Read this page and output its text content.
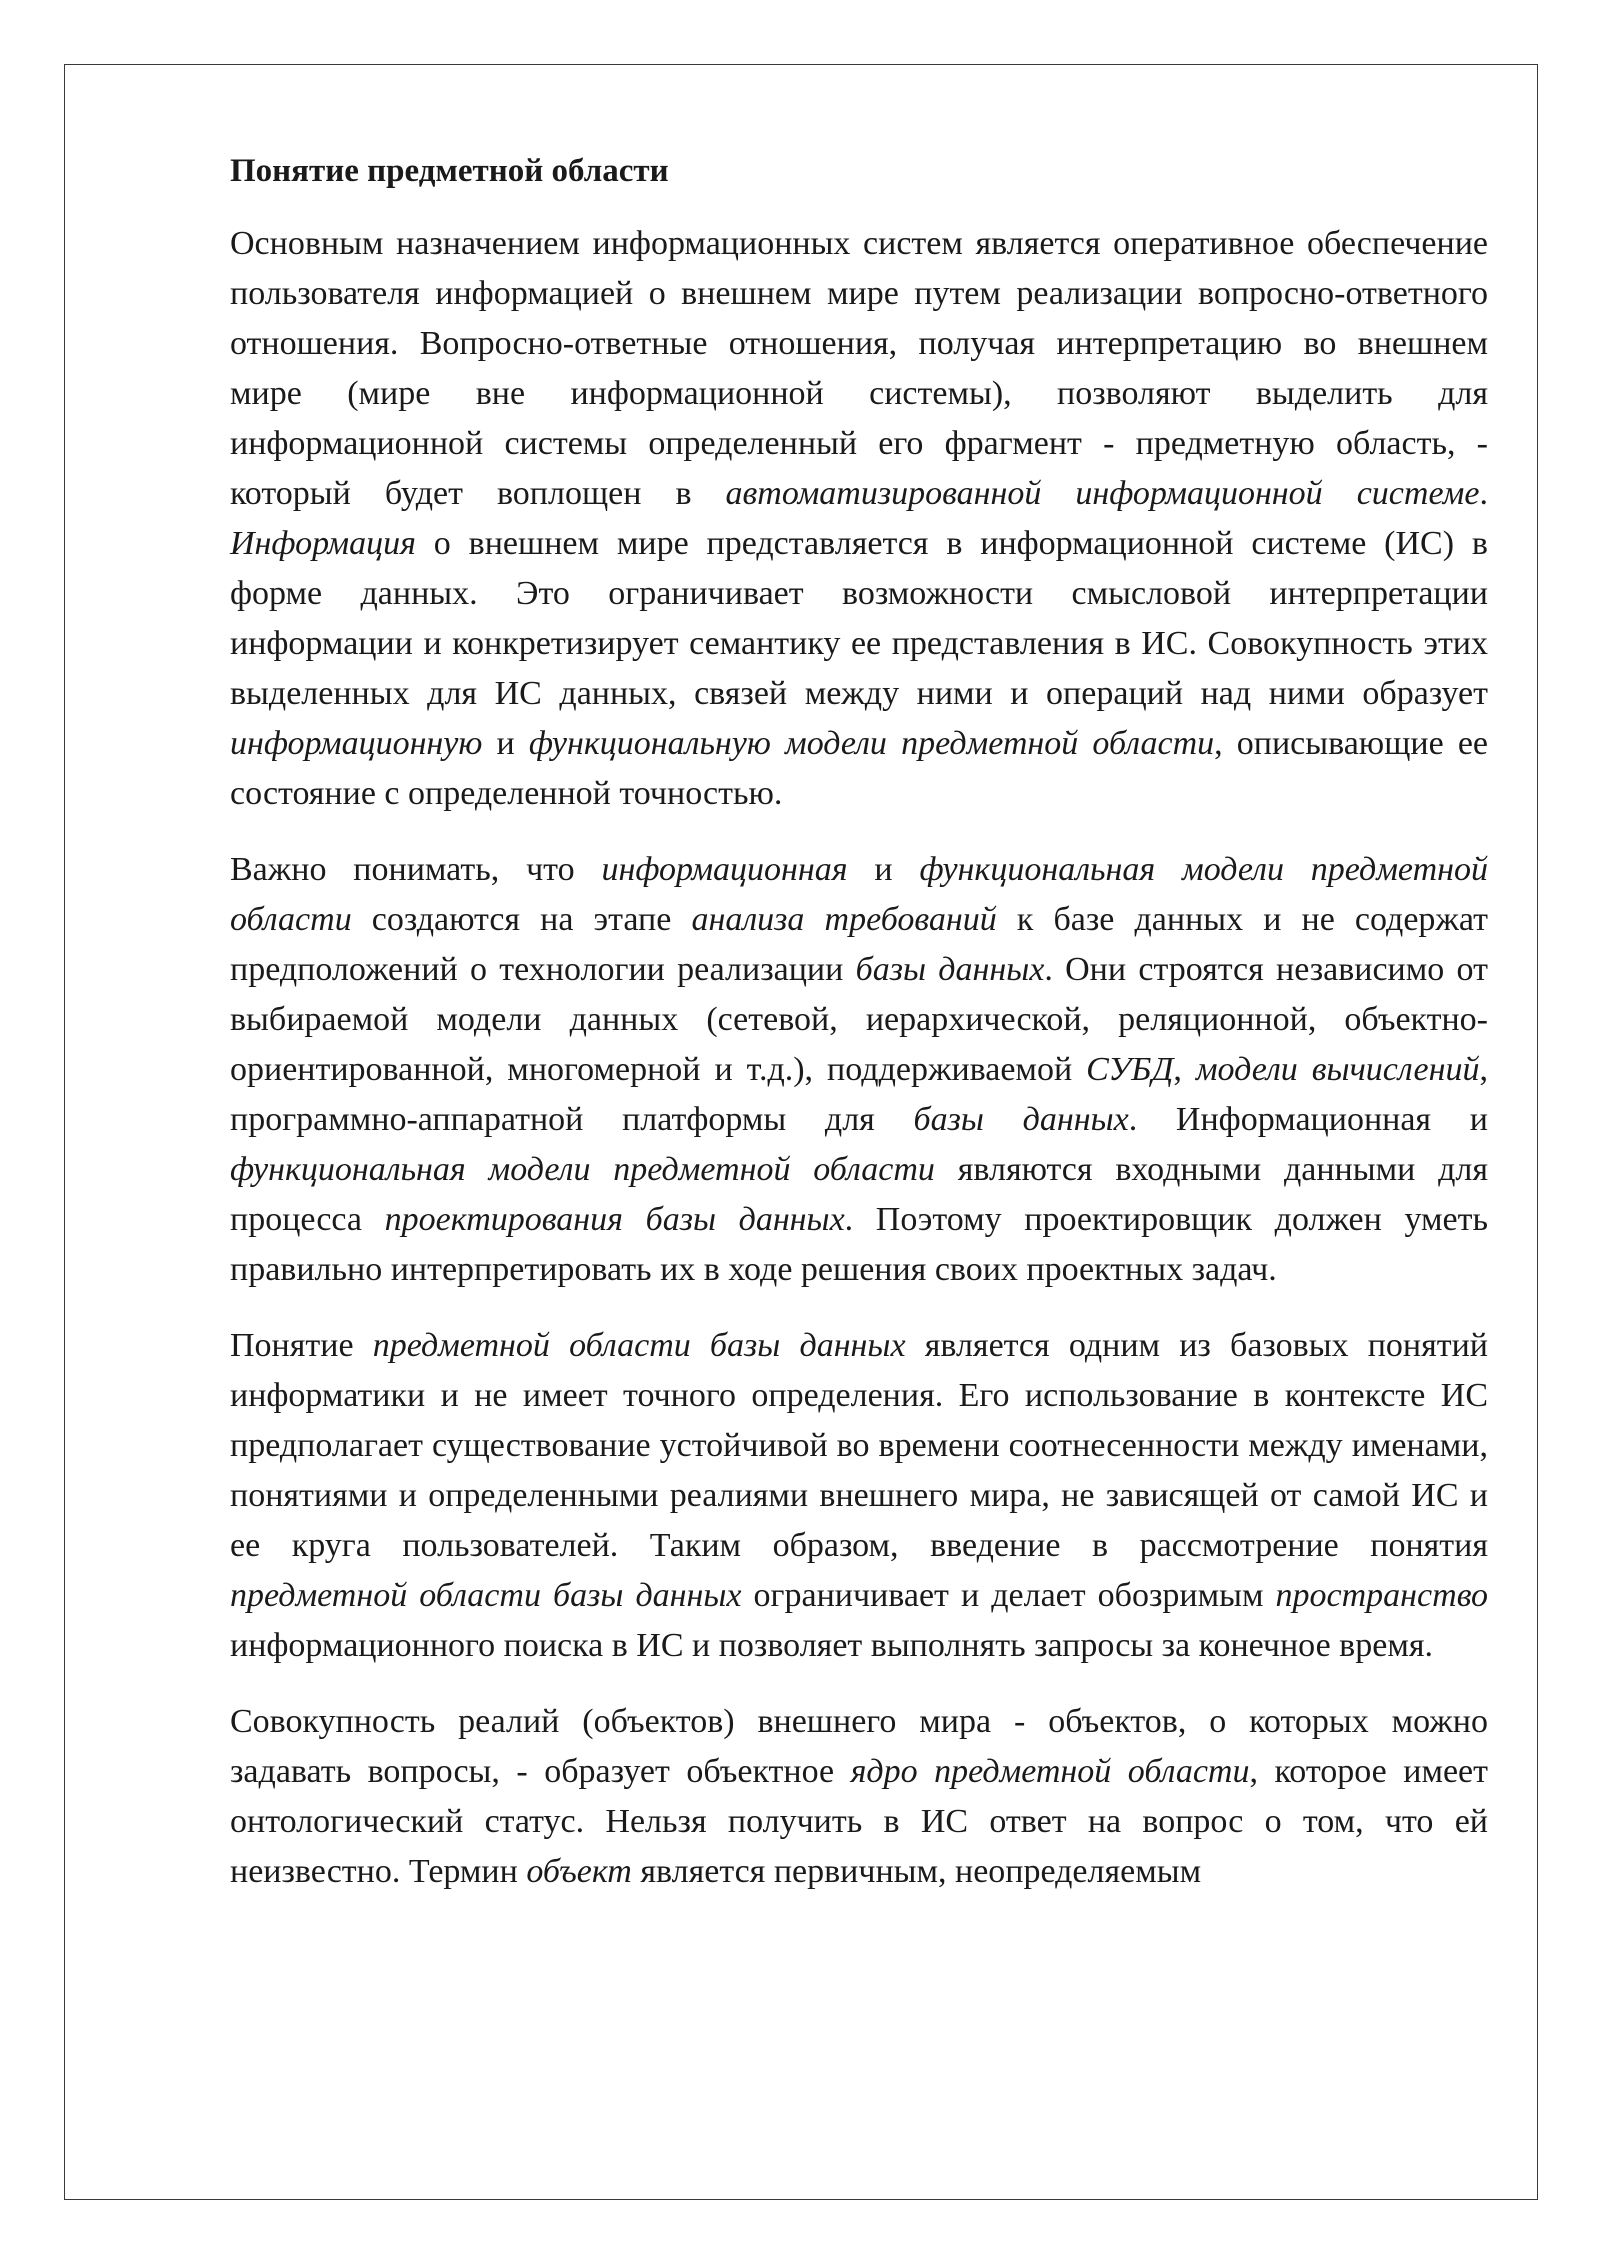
Понятие предметной области

Основным назначением информационных систем является оперативное обеспечение пользователя информацией о внешнем мире путем реализации вопросно-ответного отношения. Вопросно-ответные отношения, получая интерпретацию во внешнем мире (мире вне информационной системы), позволяют выделить для информационной системы определенный его фрагмент - предметную область, - который будет воплощен в автоматизированной информационной системе. Информация о внешнем мире представляется в информационной системе (ИС) в форме данных. Это ограничивает возможности смысловой интерпретации информации и конкретизирует семантику ее представления в ИС. Совокупность этих выделенных для ИС данных, связей между ними и операций над ними образует информационную и функциональную модели предметной области, описывающие ее состояние с определенной точностью.

Важно понимать, что информационная и функциональная модели предметной области создаются на этапе анализа требований к базе данных и не содержат предположений о технологии реализации базы данных. Они строятся независимо от выбираемой модели данных (сетевой, иерархической, реляционной, объектно-ориентированной, многомерной и т.д.), поддерживаемой СУБД, модели вычислений, программно-аппаратной платформы для базы данных. Информационная и функциональная модели предметной области являются входными данными для процесса проектирования базы данных. Поэтому проектировщик должен уметь правильно интерпретировать их в ходе решения своих проектных задач.

Понятие предметной области базы данных является одним из базовых понятий информатики и не имеет точного определения. Его использование в контексте ИС предполагает существование устойчивой во времени соотнесенности между именами, понятиями и определенными реалиями внешнего мира, не зависящей от самой ИС и ее круга пользователей. Таким образом, введение в рассмотрение понятия предметной области базы данных ограничивает и делает обозримым пространство информационного поиска в ИС и позволяет выполнять запросы за конечное время.

Совокупность реалий (объектов) внешнего мира - объектов, о которых можно задавать вопросы, - образует объектное ядро предметной области, которое имеет онтологический статус. Нельзя получить в ИС ответ на вопрос о том, что ей неизвестно. Термин объект является первичным, неопределяемым
